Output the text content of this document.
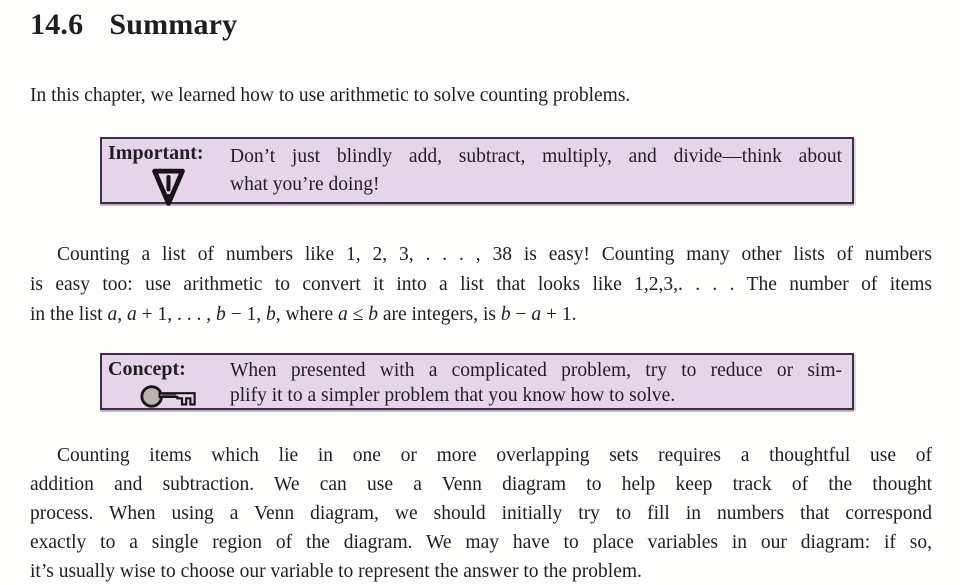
14.6 Summary
In this chapter, we learned how to use arithmetic to solve counting problems.
Important:	Don’t just blindly add, subtract, multiply, and divide—think about
what you’re doing!
Counting a list of numbers like 1, 2, 3, . . . , 38 is easy! Counting many other lists of numbers
is easy too: use arithmetic to convert it into a list that looks like 1,2,3,. . . . The number of items
in the list a, a + 1, . . . , b − 1, b, where a ≤ b are integers, is b − a + 1.
Concept:	When presented with a complicated problem, try to reduce or sim-
plify it to a simpler problem that you know how to solve.
Counting items which lie in one or more overlapping sets requires a thoughtful use of
addition and subtraction. We can use a Venn diagram to help keep track of the thought
process. When using a Venn diagram, we should initially try to fill in numbers that correspond
exactly to a single region of the diagram. We may have to place variables in our diagram: if so,
it’s usually wise to choose our variable to represent the answer to the problem.
